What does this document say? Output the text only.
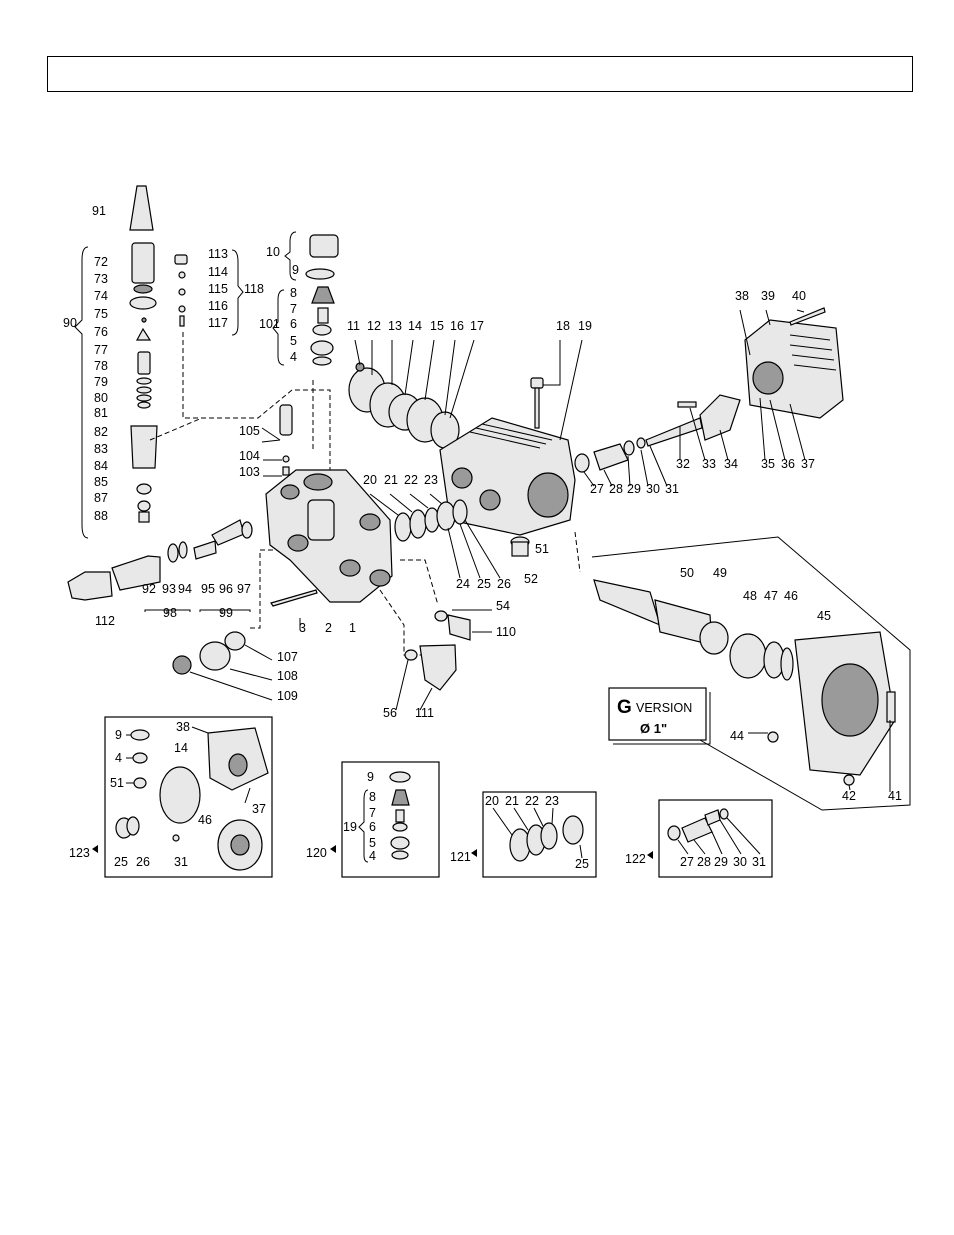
91
72
73
74
75
76
90
77
78
79
80
81
82
83
84
85
87
88
113
114
115
116
117
118
10
9
8
7
101 6
5
4
11 12 13 14 15 16 17	18 19
38 39 40
105
104
103
20 21 22 23
27 28 29 30 31
32 33 34 35 36 37
24 25 26
51
52
92 93 94 95 96 97
98	99
112	3 2 1
54
110
50 49
48 47 46
45
107
108
109
56 111
44
42	41
G VERSION
Ø 1"
123	120	121	122
9
4
51
38
14
37
46
25 26 31
9
8
7
6
5
4
19
20 21 22 23
25	27 28 29 30 31
